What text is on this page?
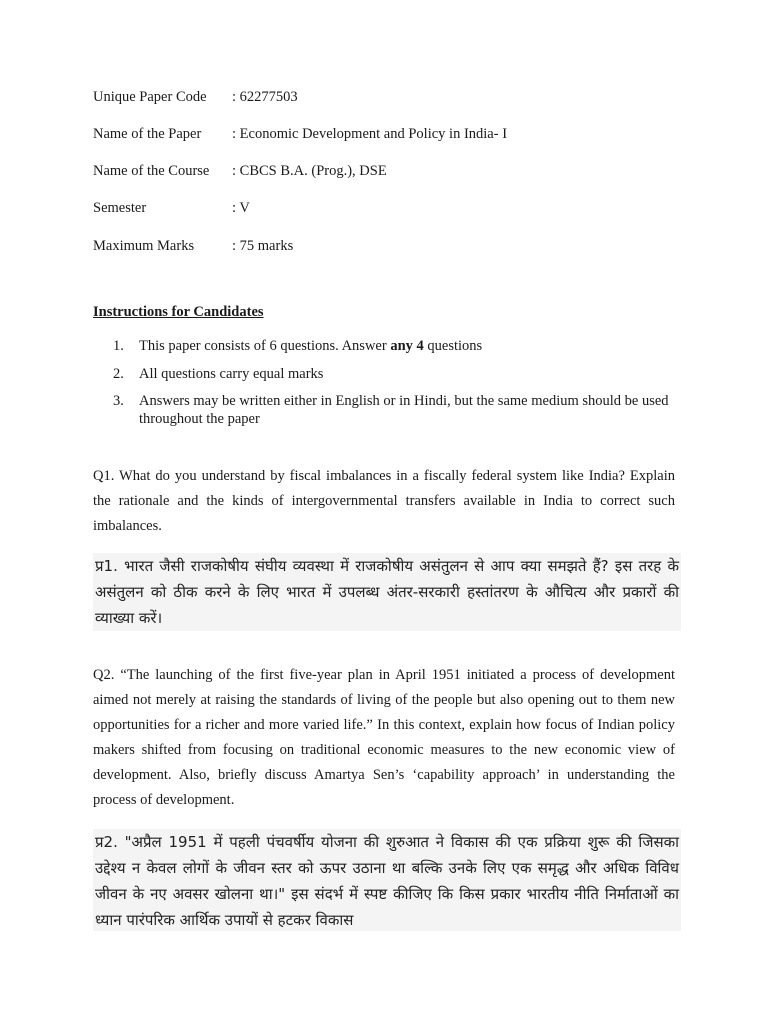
Unique Paper Code : 62277503
Name of the Paper : Economic Development and Policy in India- I
Name of the Course : CBCS B.A. (Prog.), DSE
Semester	: V
Maximum Marks	: 75 marks
Instructions for Candidates
1.	This paper consists of 6 questions. Answer any 4 questions
2.	All questions carry equal marks
3.	Answers may be written either in English or in Hindi, but the same medium should be used throughout the paper
Q1. What do you understand by fiscal imbalances in a fiscally federal system like India? Explain the rationale and the kinds of intergovernmental transfers available in India to correct such imbalances.
प्र1. भारत जैसी राजकोषीय संघीय व्यवस्था में राजकोषीय असंतुलन से आप क्या समझते हैं? इस तरह के असंतुलन को ठीक करने के लिए भारत में उपलब्ध अंतर-सरकारी हस्तांतरण के औचित्य और प्रकारों की व्याख्या करें।
Q2. “The launching of the first five-year plan in April 1951 initiated a process of development aimed not merely at raising the standards of living of the people but also opening out to them new opportunities for a richer and more varied life.” In this context, explain how focus of Indian policy makers shifted from focusing on traditional economic measures to the new economic view of development. Also, briefly discuss Amartya Sen’s ‘capability approach’ in understanding the process of development.
प्र2. "अप्रैल 1951 में पहली पंचवर्षीय योजना की शुरुआत ने विकास की एक प्रक्रिया शुरू की जिसका उद्देश्य न केवल लोगों के जीवन स्तर को ऊपर उठाना था बल्कि उनके लिए एक समृद्ध और अधिक विविध जीवन के नए अवसर खोलना था।" इस संदर्भ में स्पष्ट कीजिए कि किस प्रकार भारतीय नीति निर्माताओं का ध्यान पारंपरिक आर्थिक उपायों से हटकर विकास
